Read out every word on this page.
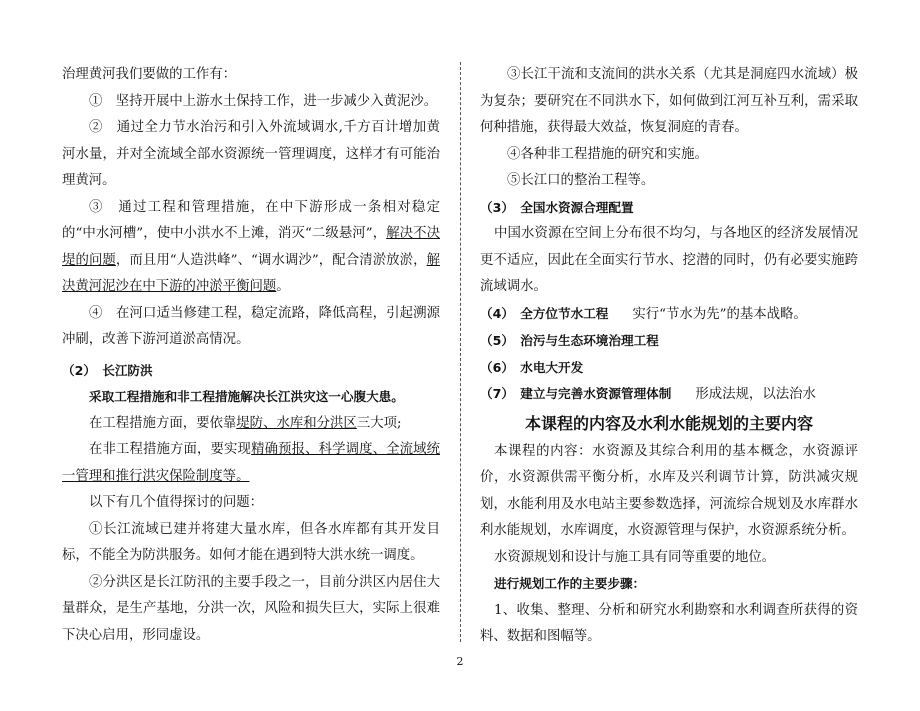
治理黄河我们要做的工作有：

①　坚持开展中上游水土保持工作，进一步减少入黄泥沙。

②　通过全力节水治污和引入外流域调水,千方百计增加黄河水量，并对全流域全部水资源统一管理调度，这样才有可能治理黄河。

③　通过工程和管理措施，在中下游形成一条相对稳定的“中水河槽”，使中小洪水不上滩，消灭“二级悬河”，解决不决堤的问题，而且用“人造洪峰”、“调水调沙”，配合清淤放淤，解决黄河泥沙在中下游的冲淤平衡问题。

④　在河口适当修建工程，稳定流路，降低高程，引起溯源冲刷，改善下游河道淤高情况。

（2）　长江防洪

采取工程措施和非工程措施解决长江洪灾这一心腹大患。

在工程措施方面，要依靠堤防、水库和分洪区三大项;

在非工程措施方面，要实现精确预报、科学调度、全流域统一管理和推行洪灾保险制度等。

以下有几个值得探讨的问题：

①长江流域已建并将建大量水库，但各水库都有其开发目标，不能全为防洪服务。如何才能在遇到特大洪水统一调度。

②分洪区是长江防汛的主要手段之一，目前分洪区内居住大量群众，是生产基地，分洪一次，风险和损失巨大，实际上很难下决心启用，形同虚设。

③长江干流和支流间的洪水关系（尤其是洞庭四水流域）极为复杂；要研究在不同洪水下，如何做到江河互补互利，需采取何种措施，获得最大效益，恢复洞庭的青春。

④各种非工程措施的研究和实施。

⑤长江口的整治工程等。

（3）　全国水资源合理配置

中国水资源在空间上分布很不均匀，与各地区的经济发展情况更不适应，因此在全面实行节水、挖潜的同时，仍有必要实施跨流域调水。

（4）　全方位节水工程 实行“节水为先”的基本战略。

（5）　治污与生态环境治理工程

（6）　水电大开发

（7）　建立与完善水资源管理体制 形成法规，以法治水

本课程的内容及水利水能规划的主要内容

本课程的内容：水资源及其综合利用的基本概念，水资源评价，水资源供需平衡分析，水库及兴利调节计算，防洪减灾规划，水能利用及水电站主要参数选择，河流综合规划及水库群水利水能规划，水库调度，水资源管理与保护，水资源系统分析。

水资源规划和设计与施工具有同等重要的地位。

进行规划工作的主要步骤：

1、收集、整理、分析和研究水利勘察和水利调查所获得的资料、数据和图幅等。

2
